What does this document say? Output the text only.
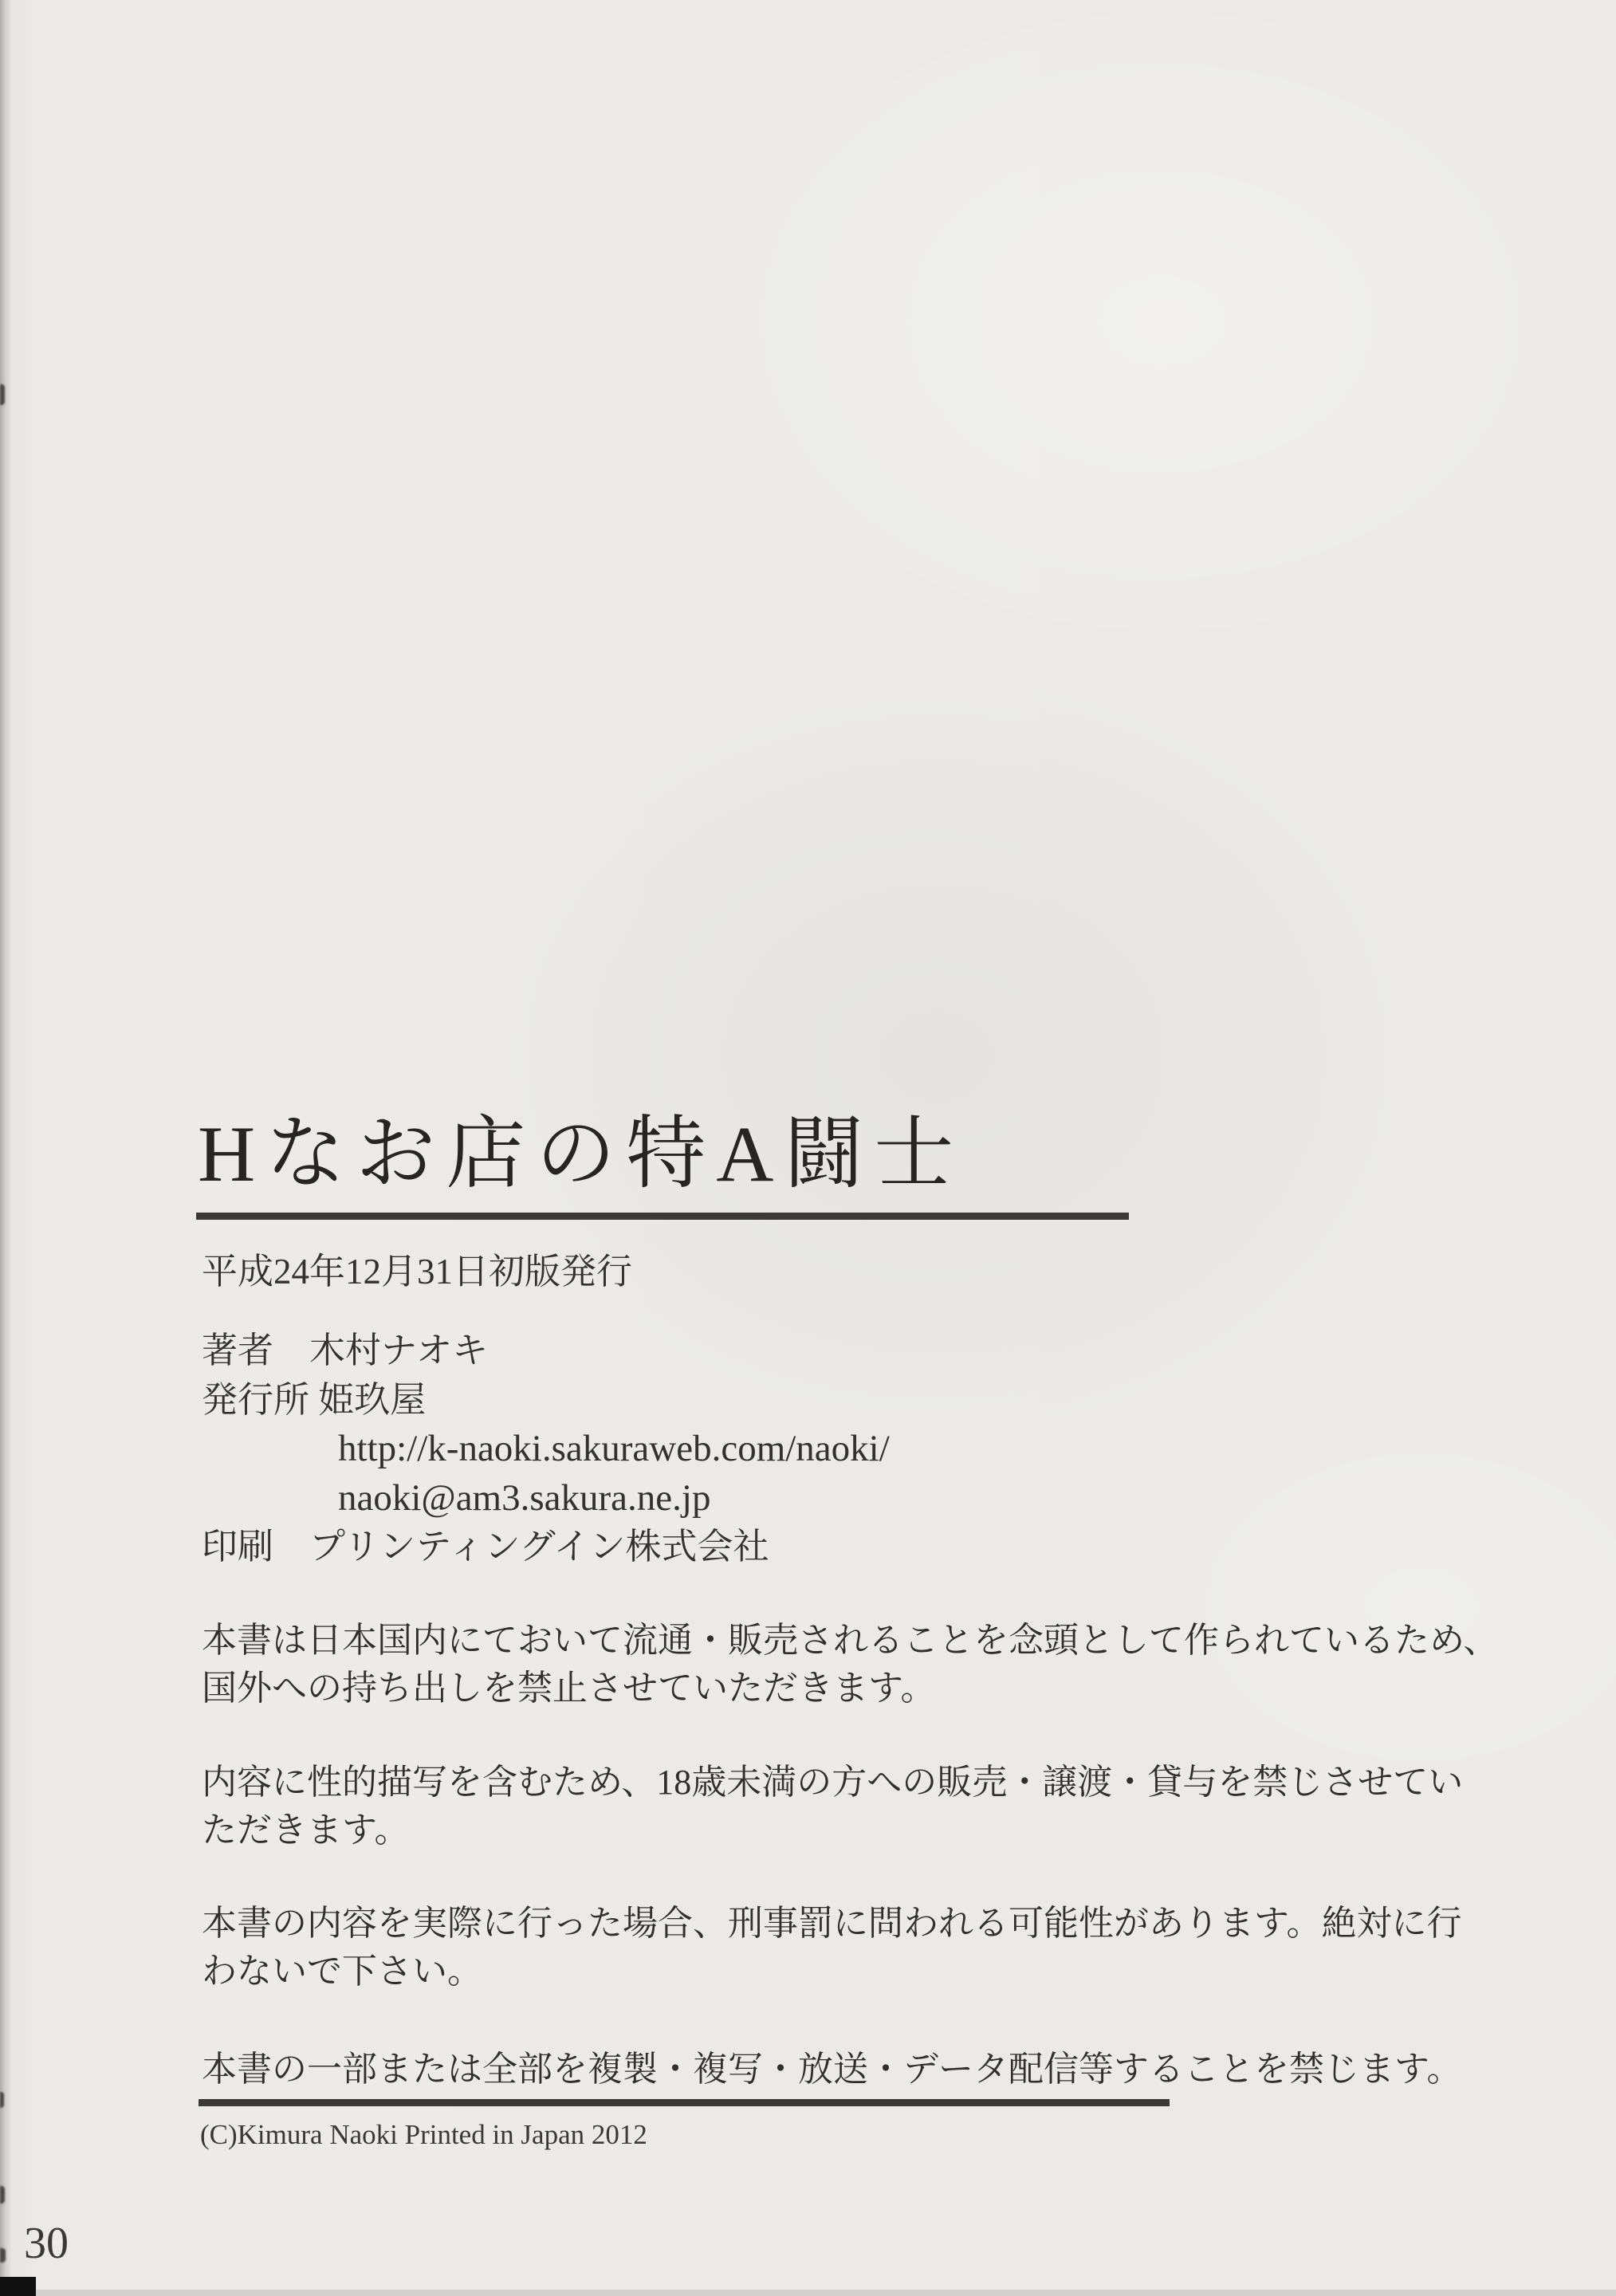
Hなお店の特A闘士
平成24年12月31日初版発行
著者　木村ナオキ
発行所 姫玖屋
http://k-naoki.sakuraweb.com/naoki/
naoki@am3.sakura.ne.jp
印刷　プリンティングイン株式会社
本書は日本国内にておいて流通・販売されることを念頭として作られているため、
国外への持ち出しを禁止させていただきます。
内容に性的描写を含むため、18歳未満の方への販売・譲渡・貸与を禁じさせてい
ただきます。
本書の内容を実際に行った場合、刑事罰に問われる可能性があります。絶対に行
わないで下さい。
本書の一部または全部を複製・複写・放送・データ配信等することを禁じます。
(C)Kimura Naoki Printed in Japan 2012
30
